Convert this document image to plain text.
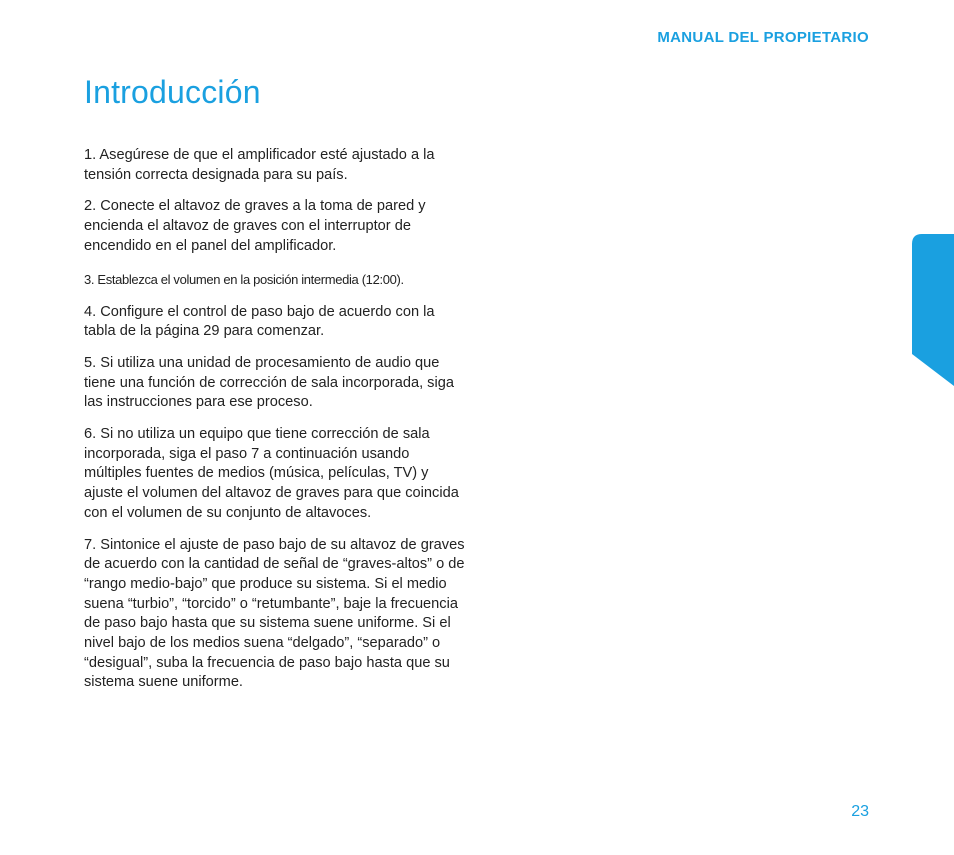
MANUAL DEL PROPIETARIO
Introducción

1. Asegúrese de que el amplificador esté ajustado a la tensión correcta designada para su país.

2. Conecte el altavoz de graves a la toma de pared y encienda el altavoz de graves con el interruptor de encendido en el panel del amplificador.

3. Establezca el volumen en la posición intermedia (12:00).

4. Configure el control de paso bajo de acuerdo con la tabla de la página 29 para comenzar.

5. Si utiliza una unidad de procesamiento de audio que tiene una función de corrección de sala incorporada, siga las instrucciones para ese proceso.

6. Si no utiliza un equipo que tiene corrección de sala incorporada, siga el paso 7 a continuación usando múltiples fuentes de medios (música, películas, TV) y ajuste el volumen del altavoz de graves para que coincida con el volumen de su conjunto de altavoces.

7. Sintonice el ajuste de paso bajo de su altavoz de graves de acuerdo con la cantidad de señal de “graves-altos” o de “rango medio-bajo” que produce su sistema. Si el medio suena “turbio”, “torcido” o “retumbante”, baje la frecuencia de paso bajo hasta que su sistema suene uniforme. Si el nivel bajo de los medios suena “delgado”, “separado” o “desigual”, suba la frecuencia de paso bajo hasta que su sistema suene uniforme.

Español
23
